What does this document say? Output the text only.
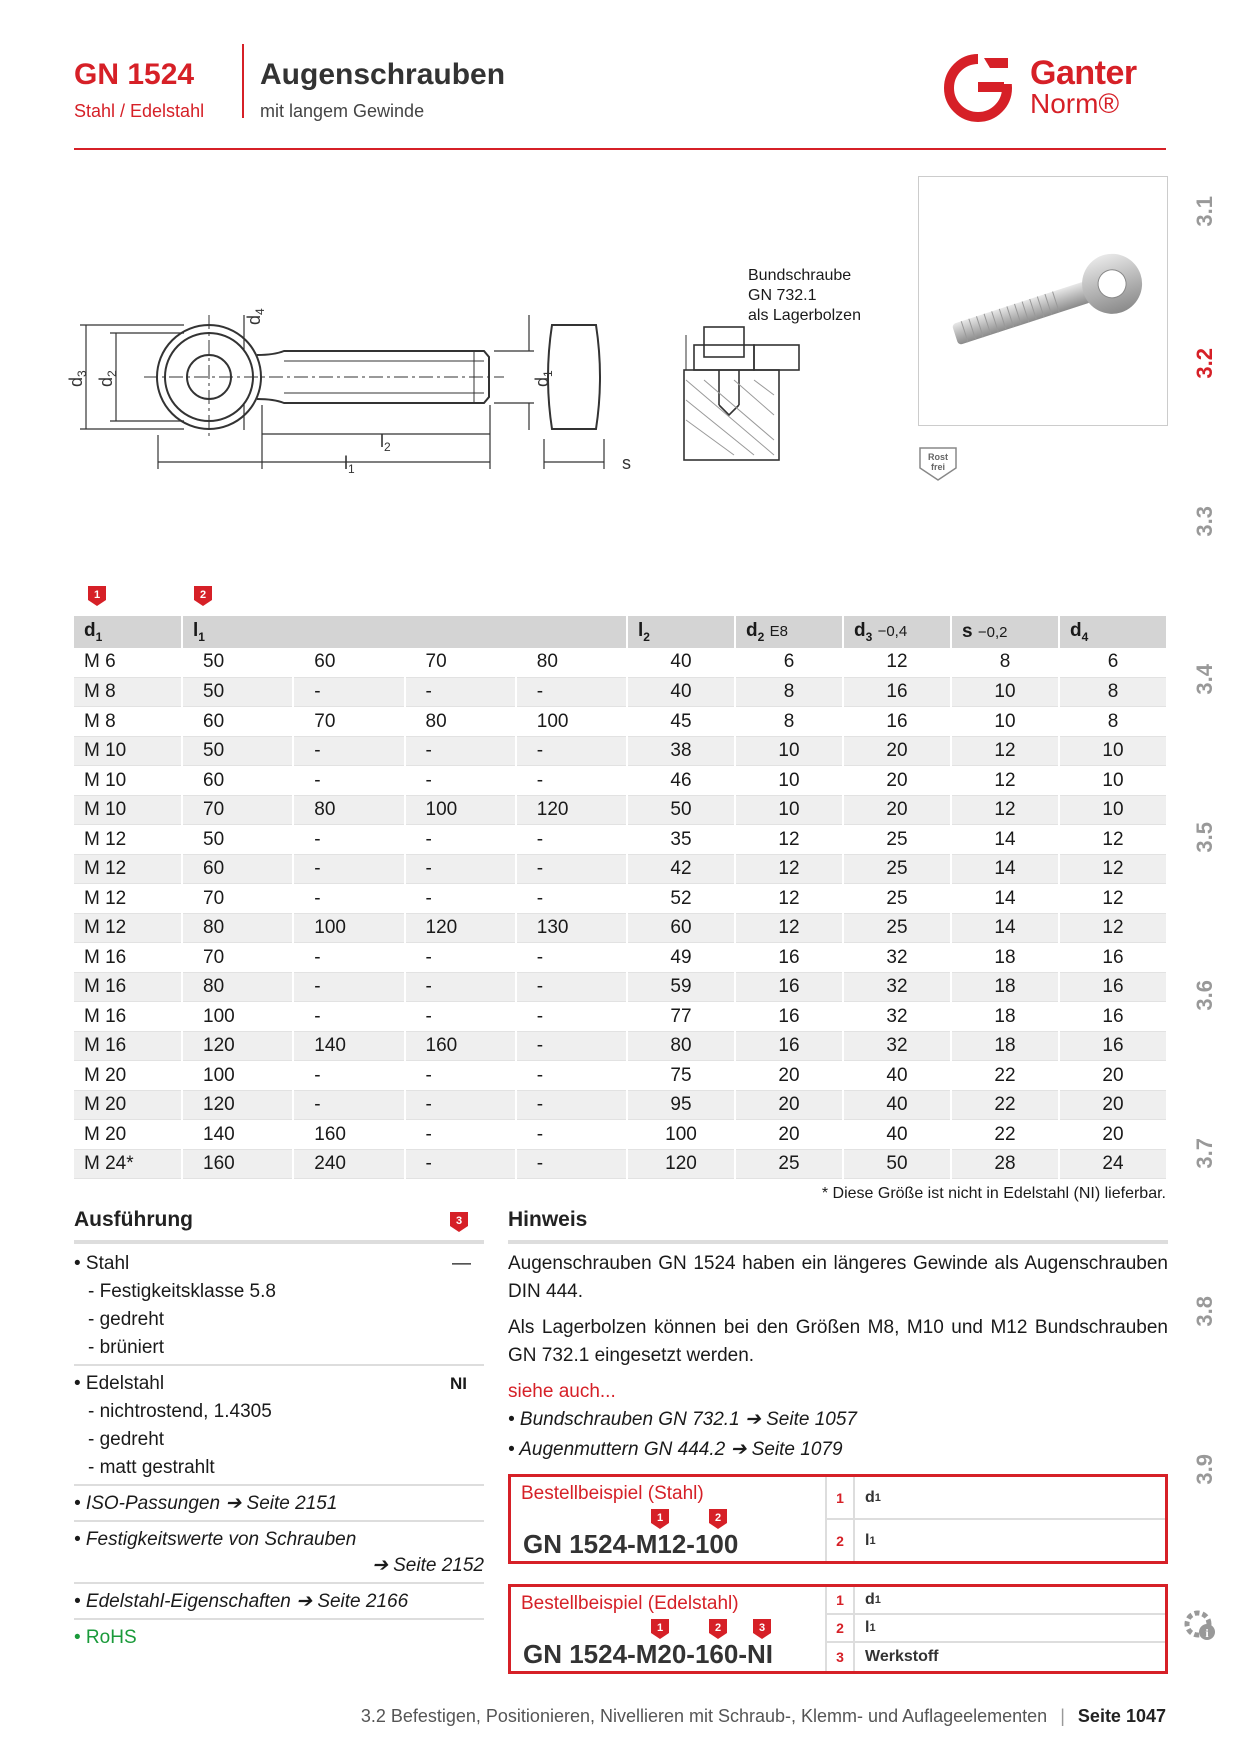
GN 1524
Stahl / Edelstahl
Augenschrauben
mit langem Gewinde
Ganter
Norm®
3.1
3.2
3.3
3.4
3.5
3.6
3.7
3.8
3.9
i
$d_3$
$d_2$
$d_4$
$d_1$
$l_2$
$l_1$	s
Bundschraube
GN 732.1
als Lagerbolzen
Rost
frei
1	2
$d_1$	$l_1$				$l_2$	$d_2$ E8	$d_3 -0,4$	s −0,2	$d_4$
M 6	50	60	70	80	40	6	12	8	6
M 8	50	-	-	-	40	8	16	10	8
M 8	60	70	80	100	45	8	16	10	8
M 10	50	-	-	-	38	10	20	12	10
M 10	60	-	-	-	46	10	20	12	10
M 10	70	80	100	120	50	10	20	12	10
M 12	50	-	-	-	35	12	25	14	12
M 12	60	-	-	-	42	12	25	14	12
M 12	70	-	-	-	52	12	25	14	12
M 12	80	100	120	130	60	12	25	14	12
M 16	70	-	-	-	49	16	32	18	16
M 16	80	-	-	-	59	16	32	18	16
M 16	100	-	-	-	77	16	32	18	16
M 16	120	140	160	-	80	16	32	18	16
M 20	100	-	-	-	75	20	40	22	20
M 20	120	-	-	-	95	20	40	22	20
M 20	140	160	-	-	100	20	40	22	20
M 24*	160	240	-	-	120	25	50	28	24
* Diese Größe ist nicht in Edelstahl (NI) lieferbar.
Ausführung	3
• Stahl	—
- Festigkeitsklasse 5.8
- gedreht
- brüniert
• Edelstahl	NI
- nichtrostend, 1.4305
- gedreht
- matt gestrahlt
• ISO-Passungen ➔ Seite 2151
• Festigkeitswerte von Schrauben
➔ Seite 2152
• Edelstahl-Eigenschaften ➔ Seite 2166
• RoHS
Hinweis
Augenschrauben GN 1524 haben ein längeres Gewinde als Augenschrauben DIN 444.
Als Lagerbolzen können bei den Größen M8, M10 und M12 Bundschrauben GN 732.1 eingesetzt werden.
siehe auch...
• Bundschrauben GN 732.1 ➔ Seite 1057
• Augenmuttern GN 444.2 ➔ Seite 1079
Bestellbeispiel (Stahl)
1	2
GN 1524-M12-100
1	d 1
2	l 1
Bestellbeispiel (Edelstahl)
1	2	3
GN 1524-M20-160-NI
1	d 1
2	l 1
3	Werkstoff
3.2 Befestigen, Positionieren, Nivellieren mit Schraub-, Klemm- und Auflageelementen | Seite 1047
